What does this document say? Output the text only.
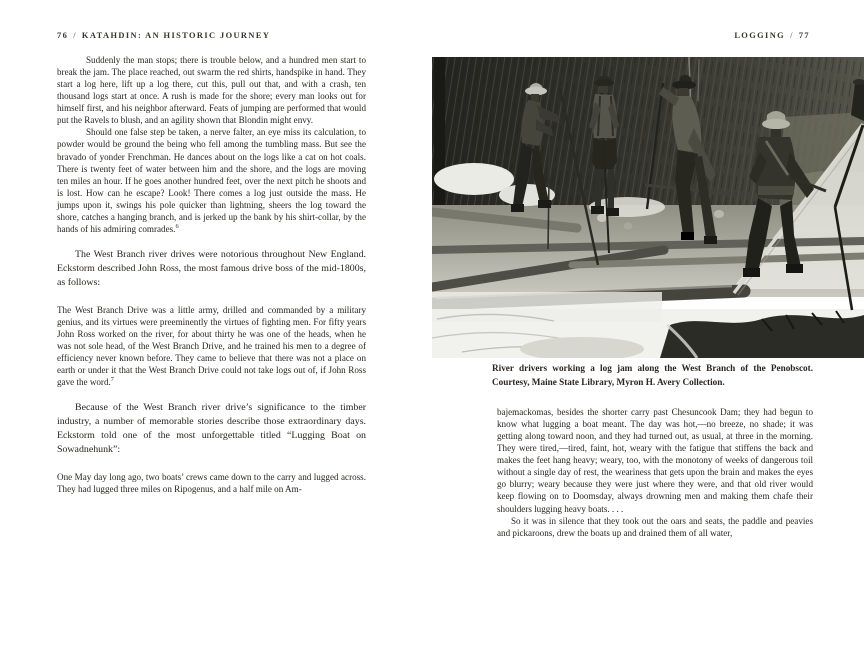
76 / KATAHDIN: AN HISTORIC JOURNEY	LOGGING / 77

Suddenly the man stops; there is trouble below, and a hundred men start to break the jam. The place reached, out swarm the red shirts, handspike in hand. They start a log here, lift up a log there, cut this, pull out that, and with a crash, ten thousand logs start at once. A rush is made for the shore; every man looks out for himself first, and his neighbor afterward. Feats of jumping are performed that would put the Ravels to blush, and an agility shown that Blondin might envy.

Should one false step be taken, a nerve falter, an eye miss its calculation, to powder would be ground the being who fell among the tumbling mass. But see the bravado of yonder Frenchman. He dances about on the logs like a cat on hot coals. There is twenty feet of water between him and the shore, and the logs are moving ten miles an hour. If he goes another hundred feet, over the next pitch he shoots and is lost. How can he escape? Look! There comes a log just outside the mass. He jumps upon it, swings his pole quicker than lightning, sheers the log toward the shore, catches a hanging branch, and is jerked up the bank by his shirt-collar, by the hands of his admiring comrades.$^6$

The West Branch river drives were notorious throughout New England. Eckstorm described John Ross, the most famous drive boss of the mid-1800s, as follows:

The West Branch Drive was a little army, drilled and commanded by a military genius, and its virtues were preeminently the virtues of fighting men. For fifty years John Ross worked on the river, for about thirty he was one of the heads, when he was not sole head, of the West Branch Drive, and he trained his men to a degree of efficiency never known before. They came to believe that there was not a place on earth or under it that the West Branch Drive could not take logs out of, if John Ross gave the word.$^7$

Because of the West Branch river drive’s significance to the timber industry, a number of memorable stories describe those extraordinary days. Eckstorm told one of the most unforgettable titled “Lugging Boat on Sowadnehunk”:

One May day long ago, two boats’ crews came down to the carry and lugged across. They had lugged three miles on Ripogenus, and a half mile on Am-

River drivers working a log jam along the West Branch of the Penobscot. Courtesy, Maine State Library, Myron H. Avery Collection.

bajemackomas, besides the shorter carry past Chesuncook Dam; they had begun to know what lugging a boat meant. The day was hot,—no breeze, no shade; it was getting along toward noon, and they had turned out, as usual, at three in the morning. They were tired,—tired, faint, hot, weary with the fatigue that stiffens the back and makes the feet hang heavy; weary, too, with the monotony of weeks of dangerous toil without a single day of rest, the weariness that gets upon the brain and makes the eyes go blurry; weary because they were just where they were, and that old river would keep flowing on to Doomsday, always drowning men and making them chafe their shoulders lugging heavy boats. . . .

So it was in silence that they took out the oars and seats, the paddle and peavies and pickaroons, drew the boats up and drained them of all water,
